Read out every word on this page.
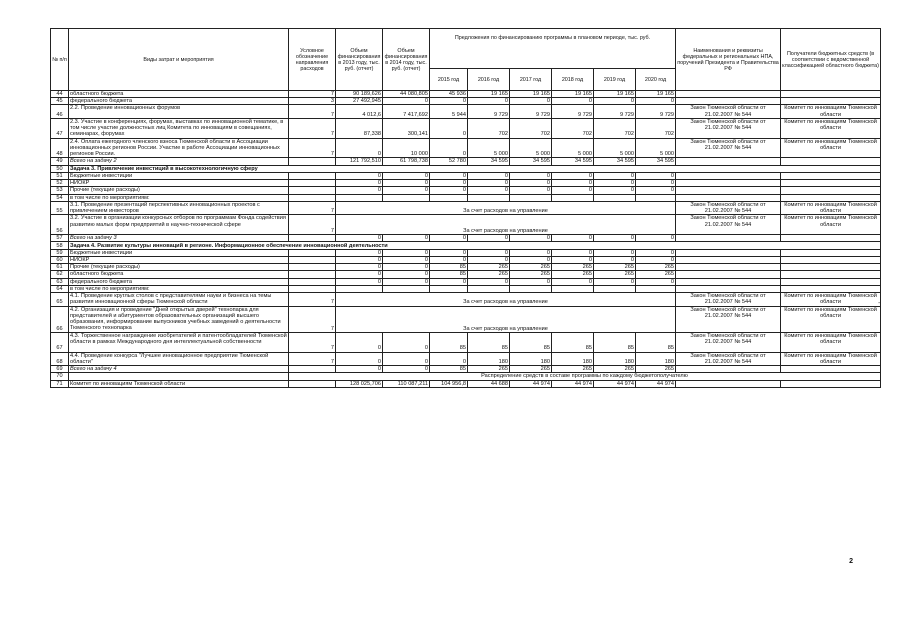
№ п/п	Виды затрат и мероприятия	Условное обозначение направления расходов	Объем финансирования в 2013 году, тыс. руб. (отчет)	Объем финансирования в 2014 году, тыс. руб. (отчет)	Предложения по финансированию программы в плановом периоде, тыс. руб.						Наименования и реквизиты федеральных и региональных НПА, поручений Президента и Правительства РФ	Получатели бюджетных средств (в соответствии с ведомственной классификацией областного бюджета)
					2015 год	2016 год	2017 год	2018 год	2019 год	2020 год		
44	областного бюджета	7	90 189,626	44 080,805	45 936	19 165	19 165	19 165	19 165	19 165		
45	федерального бюджета	3	27 492,945	0	0	0	0	0	0	0		
46	2.2. Проведение инновационных форумов	7	4 012,6	7 417,692	5 944	9 729	9 729	9 729	9 729	9 729	Закон Тюменской области от 21.02.2007 № 544	Комитет по инновациям Тюменской области
47	2.3. Участие в конференциях, форумах, выставках по инновационной тематике, в том числе участие должностных лиц Комитета по инновациям в совещаниях, семинарах, форумах	7	87,338	300,141	0	702	702	702	702	702	Закон Тюменской области от 21.02.2007 № 544	Комитет по инновациям Тюменской области
48	2.4. Оплата ежегодного членского взноса Тюменской области в Ассоциации инновационных регионов России. Участие в работе Ассоциации инновационных регионов России.	7	0	10 000	0	5 000	5 000	5 000	5 000	5 000	Закон Тюменской области от 21.02.2007 № 544	Комитет по инновациям Тюменской области
49	Всего на задачу 2		121 792,510	61 798,738	52 780	34 595	34 595	34 595	34 595	34 595		
50	Задача 3. Привлечение инвестиций в высокотехнологичную сферу											
51	Бюджетные инвестиции		0	0	0	0	0	0	0	0		
52	НИОКР		0	0	0	0	0	0	0	0		
53	Прочие (текущие расходы)		0	0	0	0	0	0	0	0		
54	в том числе по мероприятиям:											
55	3.1. Проведение презентаций перспективных инновационных проектов с привлечением инвесторов	7	За счет расходов на управление								Закон Тюменской области от 21.02.2007 № 544	Комитет по инновациям Тюменской области
56	3.2. Участие в организации конкурсных отборов по программам Фонда содействия развитию малых форм предприятий в научно-технической сфере	7	За счет расходов на управление								Закон Тюменской области от 21.02.2007 № 544	Комитет по инновациям Тюменской области
57	Всего на задачу 3		0	0	0	0	0	0	0	0		
58	Задача 4. Развитие культуры инноваций в регионе. Информационное обеспечение инновационной деятельности											
59	Бюджетные инвестиции		0	0	0	0	0	0	0	0		
60	НИОКР		0	0	0	0	0	0	0	0		
61	Прочие (текущие расходы)		0	0	85	265	265	265	265	265		
62	областного бюджета		0	0	85	265	265	265	265	265		
63	федерального бюджета		0	0	0	0	0	0	0	0		
64	в том числе по мероприятиям:											
65	4.1. Проведение круглых столов с представителями науки и бизнеса на темы развития инновационной сферы Тюменской области	7	За счет расходов на управление								Закон Тюменской области от 21.02.2007 № 544	Комитет по инновациям Тюменской области
66	4.2. Организация и проведение "Дней открытых дверей" технопарка для представителей и абитуриентов образовательных организаций высшего образования, информирование выпускников учебных заведений о деятельности Тюменского технопарка	7	За счет расходов на управление								Закон Тюменской области от 21.02.2007 № 544	Комитет по инновациям Тюменской области
67	4.3. Торжественное награждение изобретателей и патентообладателей Тюменской области в рамках Международного дня интеллектуальной собственности	7	0	0	85	85	85	85	85	85	Закон Тюменской области от 21.02.2007 № 544	Комитет по инновациям Тюменской области
68	4.4. Проведение конкурса "Лучшее инновационное предприятие Тюменской области"	7	0	0	0	180	180	180	180	180	Закон Тюменской области от 21.02.2007 № 544	Комитет по инновациям Тюменской области
69	Всего на задачу 4		0	0	85	265	265	265	265	265		
70		Распределение средств в составе программы по каждому бюджетополучателю										
71	Комитет по инновациям Тюменской области		128 025,706	110 087,211	104 956,8	44 688	44 974	44 974	44 974	44 974		
2
-
